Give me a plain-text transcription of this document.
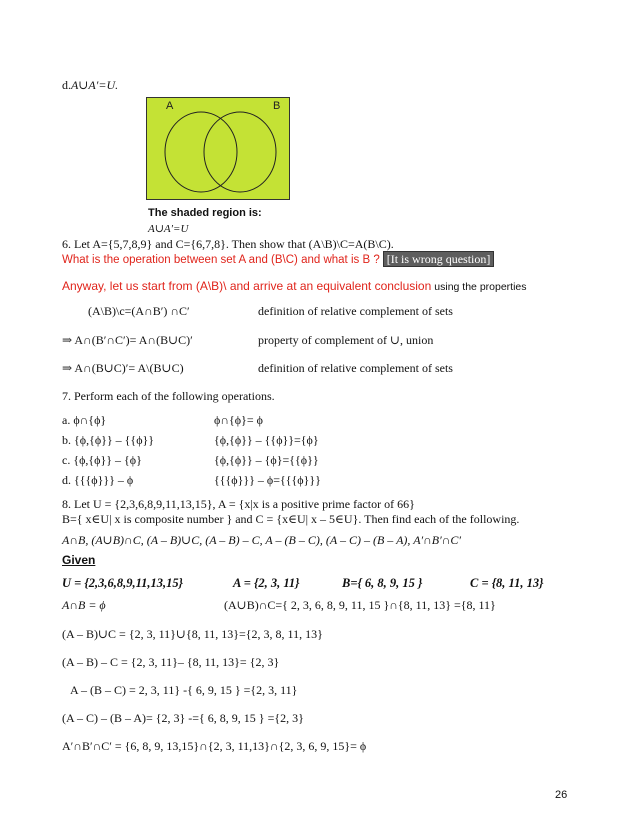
d.A∪A′=U.
A	B
The shaded region is:
A∪A′=U
6. Let A={5,7,8,9} and C={6,7,8}. Then show that (A\B)\C=A(B\C).
What is the operation between set A and (B\C) and what is B ? [It is wrong question]
Anyway, let us start from (A\B)\ and arrive at an equivalent conclusion using the properties
(A\B)\c=(A∩B′) ∩C′	definition of relative complement of sets
⇒ A∩(B′∩C′)= A∩(B∪C)′	property of complement of ∪, union
⇒ A∩(B∪C)′= A\(B∪C)	definition of relative complement of sets
7. Perform each of the following operations.
a. ϕ∩{ϕ}	ϕ∩{ϕ}= ϕ
b. {ϕ,{ϕ}} – {{ϕ}}	{ϕ,{ϕ}} – {{ϕ}}={ϕ}
c. {ϕ,{ϕ}} – {ϕ}	{ϕ,{ϕ}} – {ϕ}={{ϕ}}
d. {{{ϕ}}} – ϕ	{{{ϕ}}} – ϕ={{{ϕ}}}
8. Let U = {2,3,6,8,9,11,13,15}, A = {x|x is a positive prime factor of 66}
B={ x∈U| x is composite number } and C = {x∈U| x – 5∈U}. Then find each of the following.
A∩B, (A∪B)∩C, (A – B)∪C, (A – B) – C, A – (B – C), (A – C) – (B – A), A′∩B′∩C′
Given
U = {2,3,6,8,9,11,13,15}	A = {2, 3, 11}	B={ 6, 8, 9, 15 }	C = {8, 11, 13}
A∩B = ϕ	(A∪B)∩C={ 2, 3, 6, 8, 9, 11, 15 }∩{8, 11, 13} ={8, 11}
(A – B)∪C = {2, 3, 11}∪{8, 11, 13}={2, 3, 8, 11, 13}
(A – B) – C = {2, 3, 11}– {8, 11, 13}= {2, 3}
A – (B – C) = 2, 3, 11} -{ 6, 9, 15 } ={2, 3, 11}
(A – C) – (B – A)= {2, 3} -={ 6, 8, 9, 15 } ={2, 3}
A′∩B′∩C′ = {6, 8, 9, 13,15}∩{2, 3, 11,13}∩{2, 3, 6, 9, 15}= ϕ
26
